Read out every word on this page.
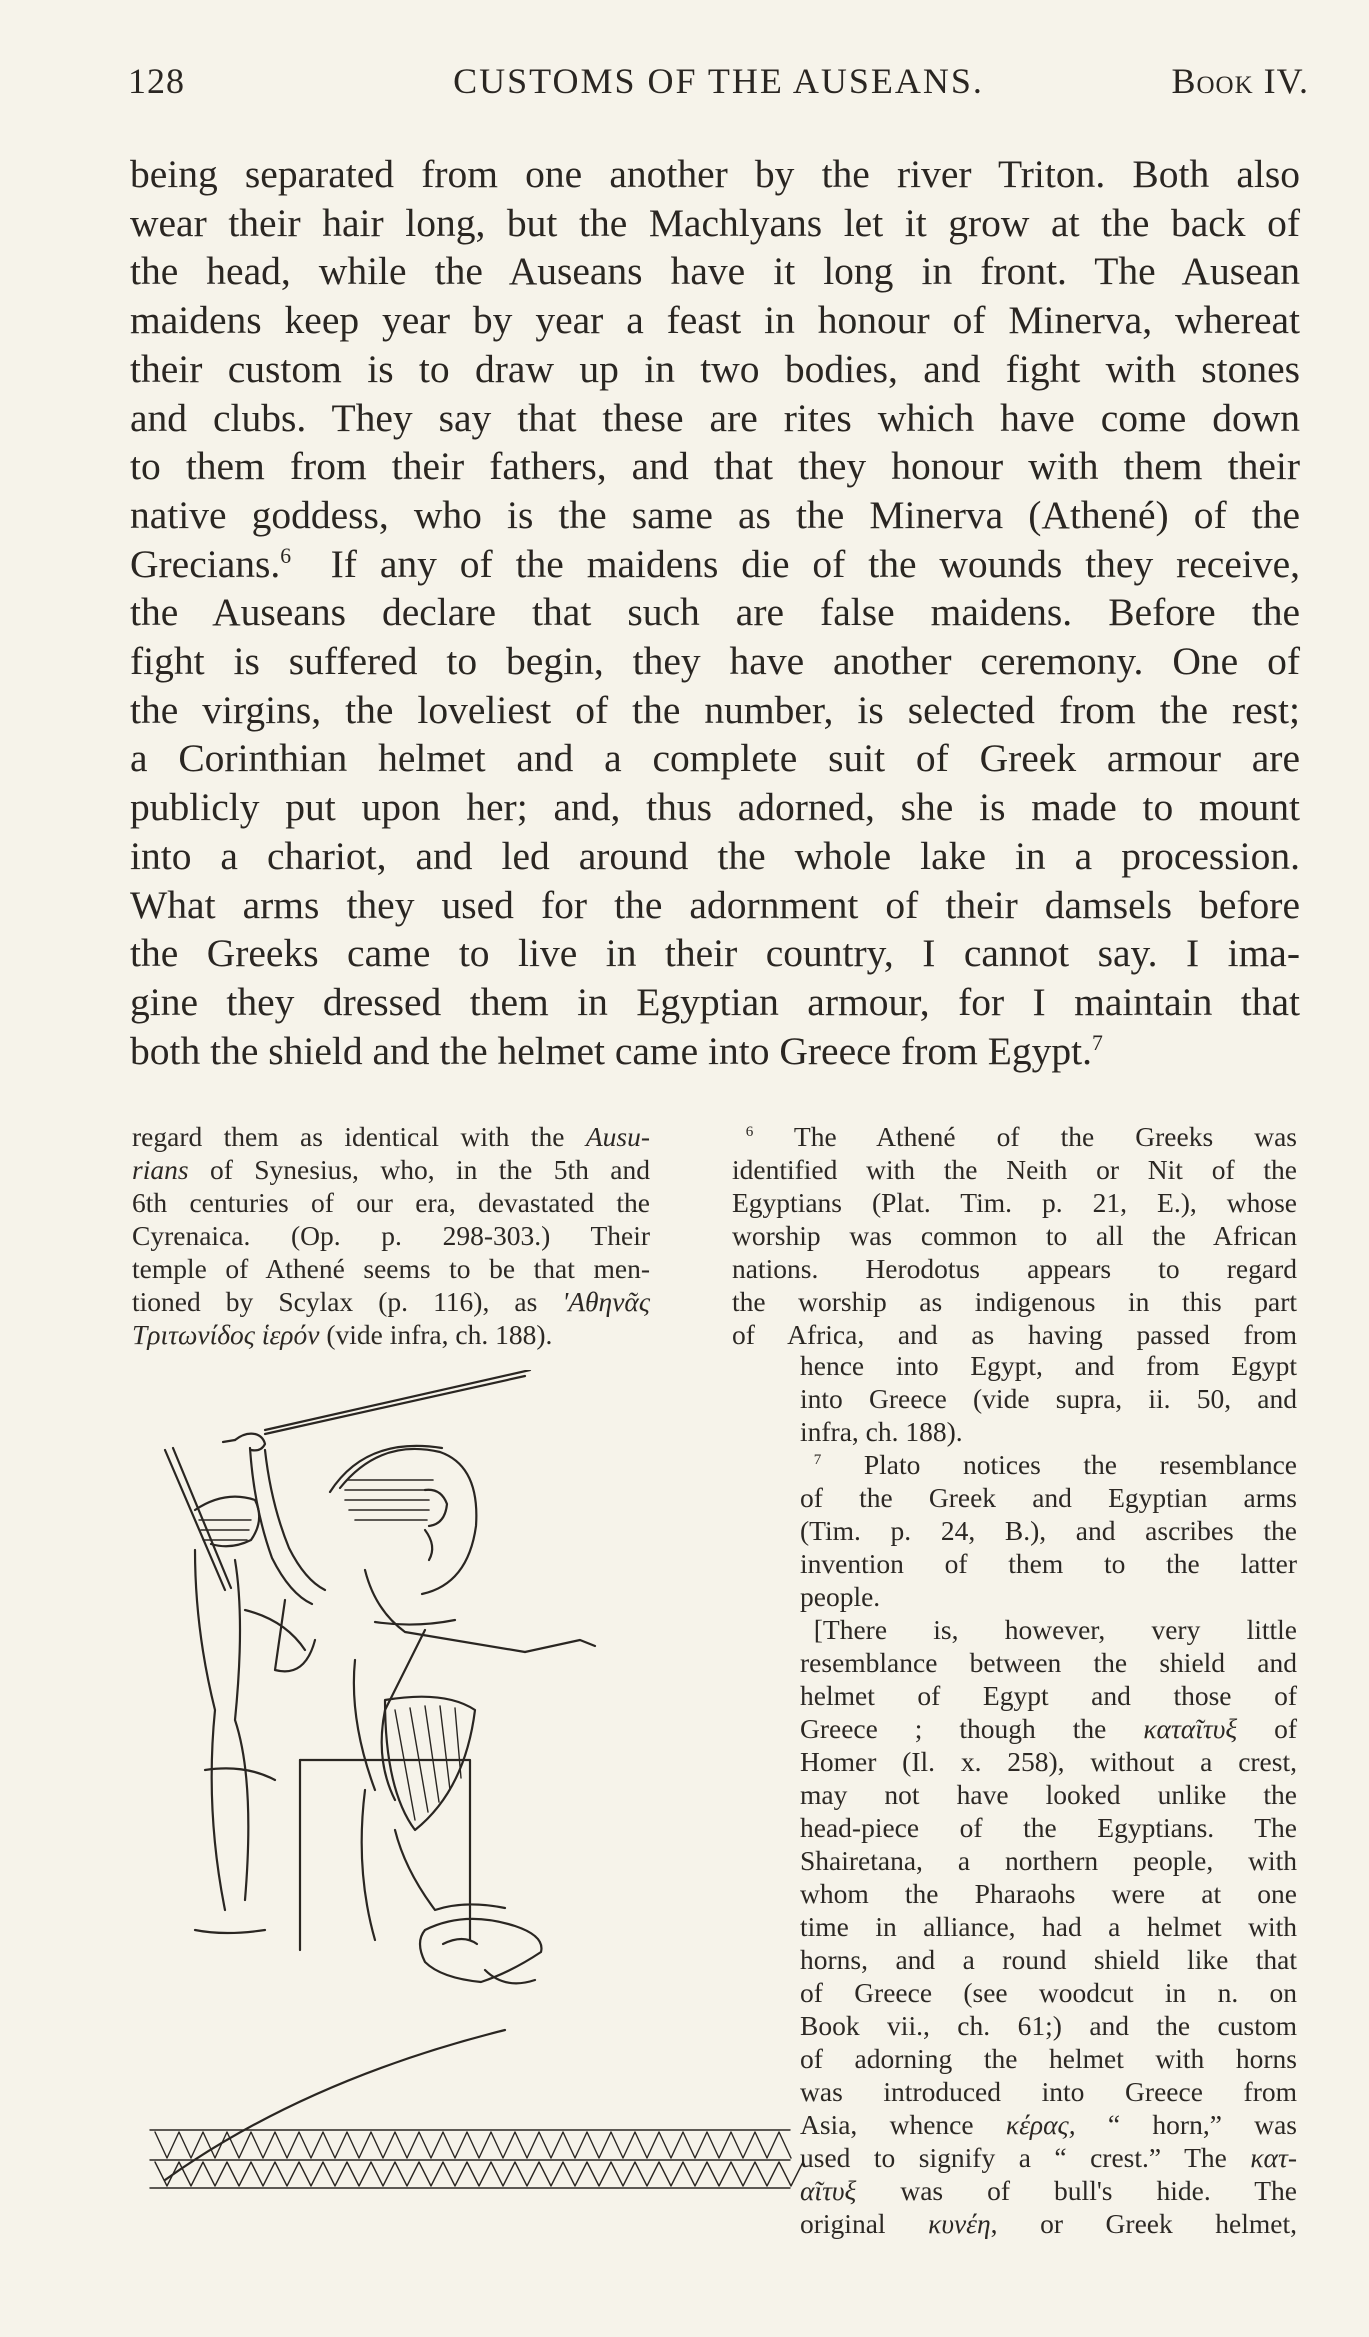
128	CUSTOMS OF THE AUSEANS.	Book IV.
being separated from one another by the river Triton. Both also
wear their hair long, but the Machlyans let it grow at the back of
the head, while the Auseans have it long in front. The Ausean
maidens keep year by year a feast in honour of Minerva, whereat
their custom is to draw up in two bodies, and fight with stones
and clubs. They say that these are rites which have come down
to them from their fathers, and that they honour with them their
native goddess, who is the same as the Minerva (Athené) of the
Grecians.$^6$  If any of the maidens die of the wounds they receive,
the Auseans declare that such are false maidens. Before the
fight is suffered to begin, they have another ceremony. One of
the virgins, the loveliest of the number, is selected from the rest;
a Corinthian helmet and a complete suit of Greek armour are
publicly put upon her; and, thus adorned, she is made to mount
into a chariot, and led around the whole lake in a procession.
What arms they used for the adornment of their damsels before
the Greeks came to live in their country, I cannot say. I ima-
gine they dressed them in Egyptian armour, for I maintain that
both the shield and the helmet came into Greece from Egypt.$^7$
regard them as identical with the Ausu-
rians of Synesius, who, in the 5th and
6th centuries of our era, devastated the
Cyrenaica. (Op. p. 298-303.) Their
temple of Athené seems to be that men-
tioned by Scylax (p. 116), as 'Αθηνᾶς
Τριτωνίδος ἱερόν (vide infra, ch. 188).
 $^6$ The Athené of the Greeks was
identified with the Neith or Nit of the
Egyptians (Plat. Tim. p. 21, E.), whose
worship was common to all the African
nations. Herodotus appears to regard
the worship as indigenous in this part
of Africa, and as having passed from
hence into Egypt, and from Egypt
into Greece (vide supra, ii. 50, and
infra, ch. 188).
 $^7$ Plato notices the resemblance
of the Greek and Egyptian arms
(Tim. p. 24, B.), and ascribes the
invention of them to the latter
people.
 [There is, however, very little
resemblance between the shield and
helmet of Egypt and those of
Greece ; though the καταῖτυξ of
Homer (Il. x. 258), without a crest,
may not have looked unlike the
head-piece of the Egyptians. The
Shairetana, a northern people, with
whom the Pharaohs were at one
time in alliance, had a helmet with
horns, and a round shield like that
of Greece (see woodcut in n. on
Book vii., ch. 61;) and the custom
of adorning the helmet with horns
was introduced into Greece from
Asia, whence κέρας, “ horn,” was
used to signify a “ crest.” The κατ-
αῖτυξ was of bull's hide. The
original κυνέη, or Greek helmet,
